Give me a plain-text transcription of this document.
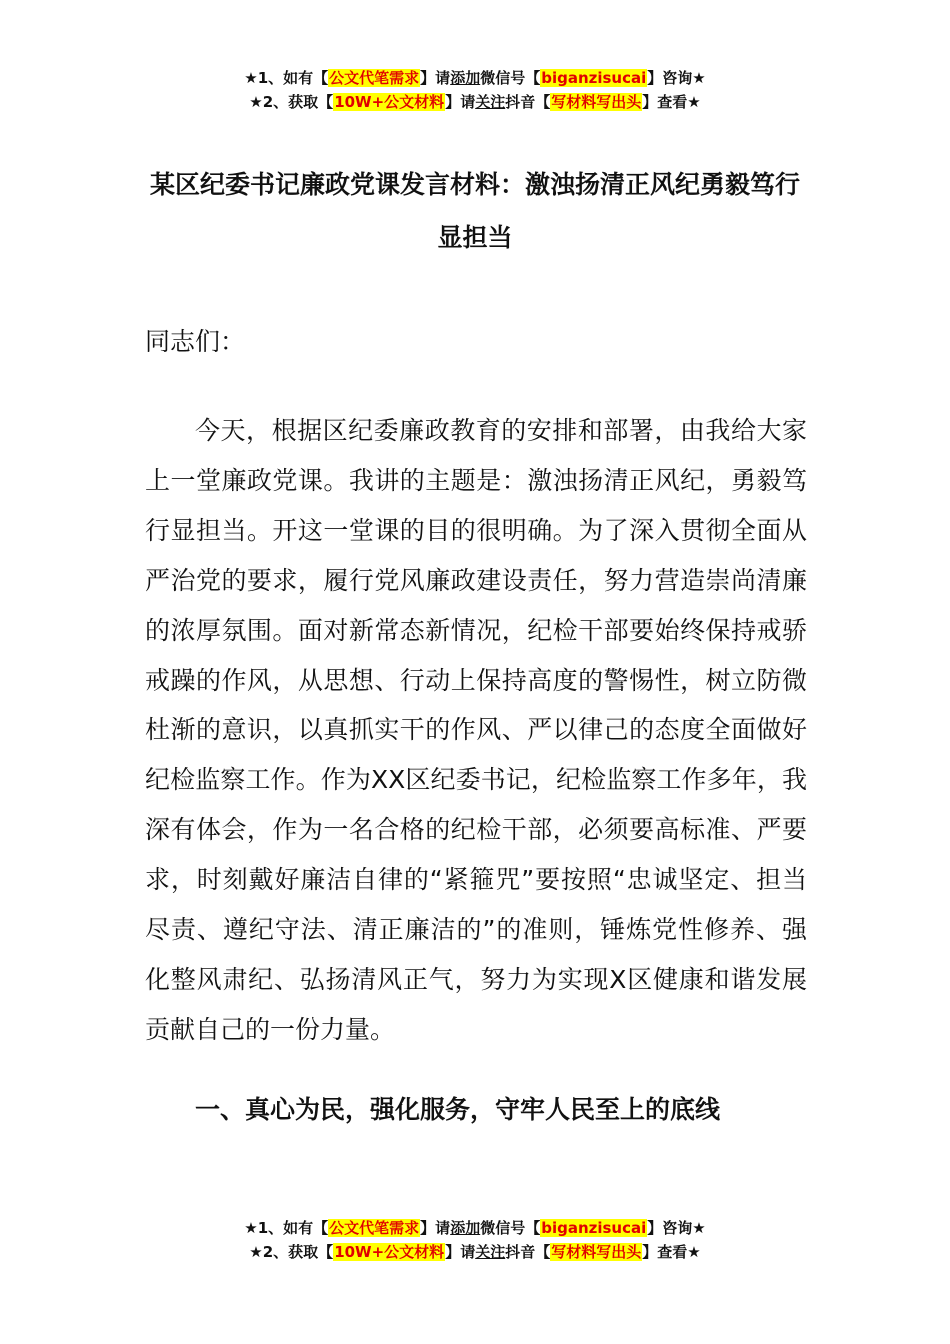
★1、如有【公文代笔需求】请添加微信号【biganzisucai】咨询★
★2、获取【10W+公文材料】请关注抖音【写材料写出头】查看★
某区纪委书记廉政党课发言材料：激浊扬清正风纪勇毅笃行显担当
同志们：

今天，根据区纪委廉政教育的安排和部署，由我给大家上一堂廉政党课。我讲的主题是：激浊扬清正风纪，勇毅笃行显担当。开这一堂课的目的很明确。为了深入贯彻全面从严治党的要求，履行党风廉政建设责任，努力营造崇尚清廉的浓厚氛围。面对新常态新情况，纪检干部要始终保持戒骄戒躁的作风，从思想、行动上保持高度的警惕性，树立防微杜渐的意识，以真抓实干的作风、严以律己的态度全面做好纪检监察工作。作为XX区纪委书记，纪检监察工作多年，我深有体会，作为一名合格的纪检干部，必须要高标准、严要求，时刻戴好廉洁自律的“紧箍咒”要按照“忠诚坚定、担当尽责、遵纪守法、清正廉洁的”的准则，锤炼党性修养、强化整风肃纪、弘扬清风正气，努力为实现X区健康和谐发展贡献自己的一份力量。

一、真心为民，强化服务，守牢人民至上的底线
★1、如有【公文代笔需求】请添加微信号【biganzisucai】咨询★
★2、获取【10W+公文材料】请关注抖音【写材料写出头】查看★
